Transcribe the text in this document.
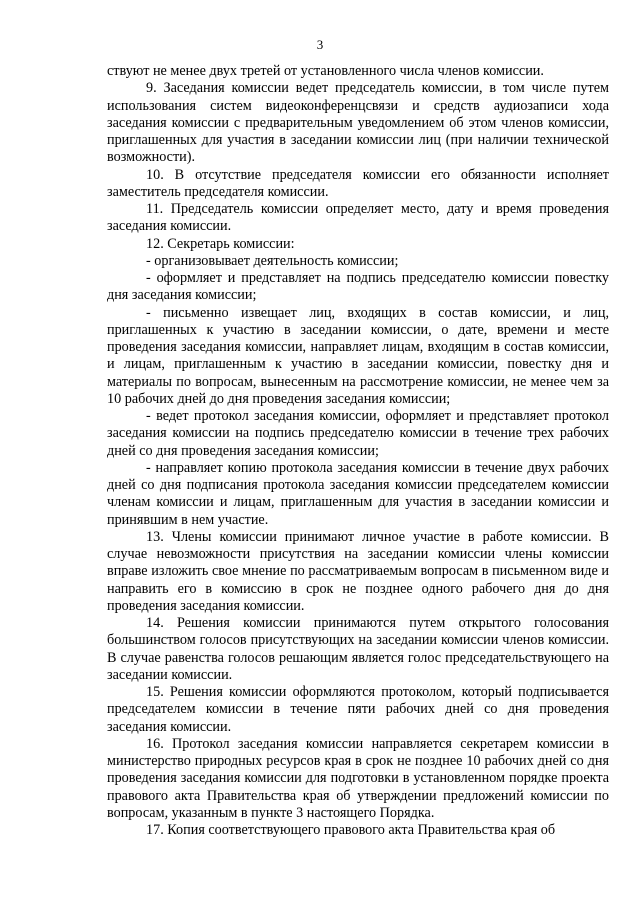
3

ствуют не менее двух третей от установленного числа членов комиссии.

9. Заседания комиссии ведет председатель комиссии, в том числе путем использования систем видеоконференцсвязи и средств аудиозаписи хода заседания комиссии с предварительным уведомлением об этом членов комиссии, приглашенных для участия в заседании комиссии лиц (при наличии технической возможности).

10. В отсутствие председателя комиссии его обязанности исполняет заместитель председателя комиссии.

11. Председатель комиссии определяет место, дату и время проведения заседания комиссии.

12. Секретарь комиссии:

- организовывает деятельность комиссии;

- оформляет и представляет на подпись председателю комиссии повестку дня заседания комиссии;

- письменно извещает лиц, входящих в состав комиссии, и лиц, приглашенных к участию в заседании комиссии, о дате, времени и месте проведения заседания комиссии, направляет лицам, входящим в состав комиссии, и лицам, приглашенным к участию в заседании комиссии, повестку дня и материалы по вопросам, вынесенным на рассмотрение комиссии, не менее чем за 10 рабочих дней до дня проведения заседания комиссии;

- ведет протокол заседания комиссии, оформляет и представляет протокол заседания комиссии на подпись председателю комиссии в течение трех рабочих дней со дня проведения заседания комиссии;

- направляет копию протокола заседания комиссии в течение двух рабочих дней со дня подписания протокола заседания комиссии председателем комиссии членам комиссии и лицам, приглашенным для участия в заседании комиссии и принявшим в нем участие.

13. Члены комиссии принимают личное участие в работе комиссии. В случае невозможности присутствия на заседании комиссии члены комиссии вправе изложить свое мнение по рассматриваемым вопросам в письменном виде и направить его в комиссию в срок не позднее одного рабочего дня до дня проведения заседания комиссии.

14. Решения комиссии принимаются путем открытого голосования большинством голосов присутствующих на заседании комиссии членов комиссии. В случае равенства голосов решающим является голос председательствующего на заседании комиссии.

15. Решения комиссии оформляются протоколом, который подписывается председателем комиссии в течение пяти рабочих дней со дня проведения заседания комиссии.

16. Протокол заседания комиссии направляется секретарем комиссии в министерство природных ресурсов края в срок не позднее 10 рабочих дней со дня проведения заседания комиссии для подготовки в установленном порядке проекта правового акта Правительства края об утверждении предложений комиссии по вопросам, указанным в пункте 3 настоящего Порядка.

17. Копия соответствующего правового акта Правительства края об
